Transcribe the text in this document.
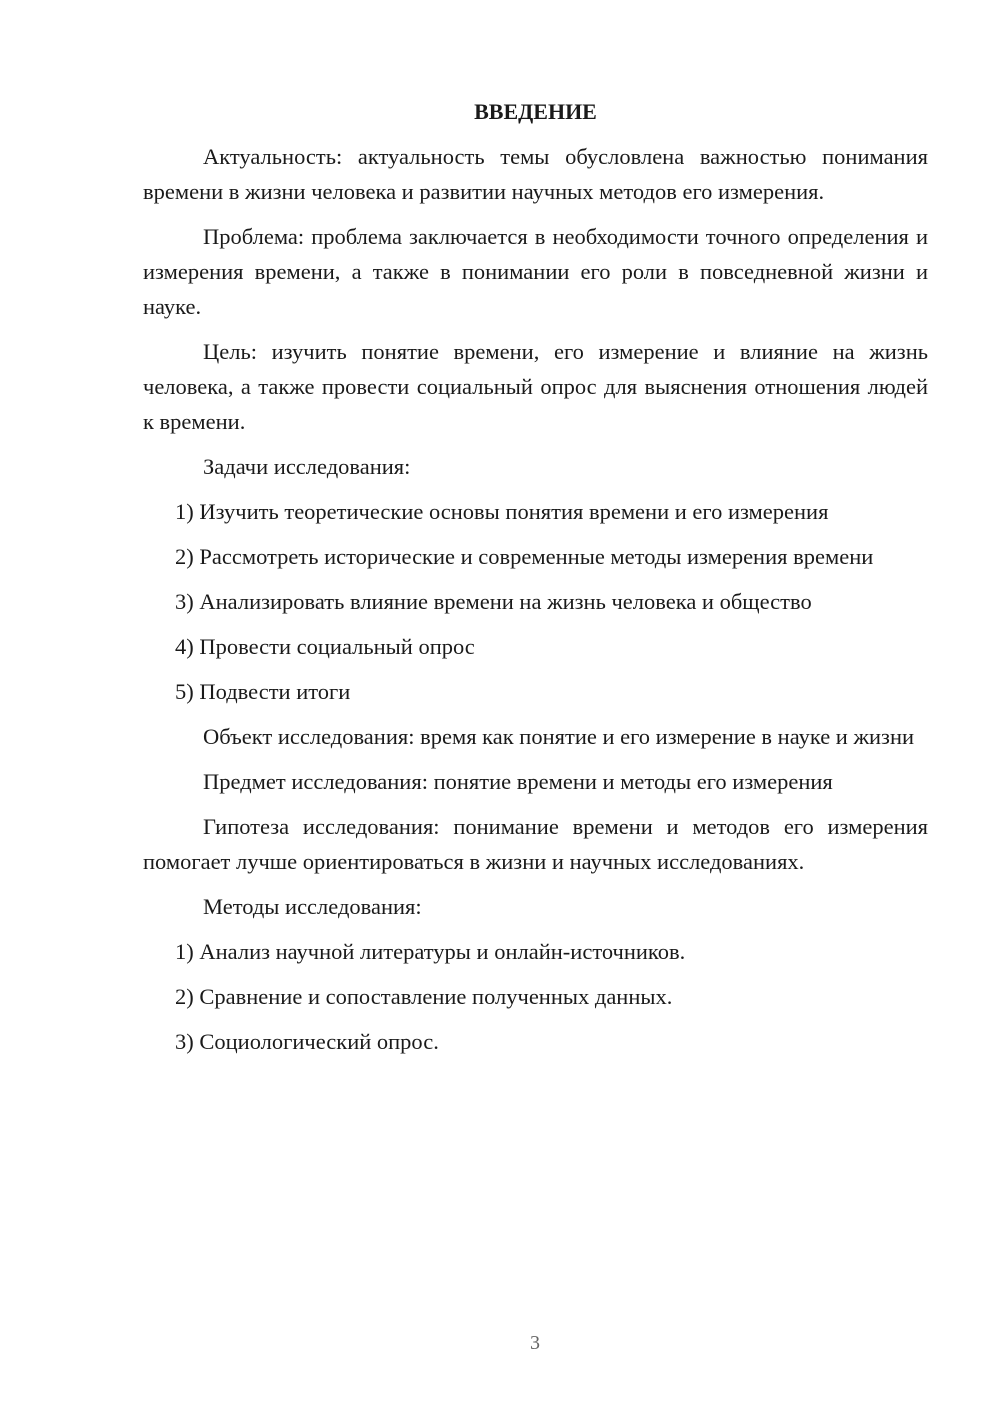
ВВЕДЕНИЕ

Актуальность: актуальность темы обусловлена важностью понимания времени в жизни человека и развитии научных методов его измерения.

Проблема: проблема заключается в необходимости точного определения и измерения времени, а также в понимании его роли в повседневной жизни и науке.

Цель: изучить понятие времени, его измерение и влияние на жизнь человека, а также провести социальный опрос для выяснения отношения людей к времени.

Задачи исследования:

1) Изучить теоретические основы понятия времени и его измерения

2) Рассмотреть исторические и современные методы измерения времени

3) Анализировать влияние времени на жизнь человека и общество

4) Провести социальный опрос

5) Подвести итоги

Объект исследования: время как понятие и его измерение в науке и жизни

Предмет исследования: понятие времени и методы его измерения

Гипотеза исследования: понимание времени и методов его измерения помогает лучше ориентироваться в жизни и научных исследованиях.

Методы исследования:

1) Анализ научной литературы и онлайн-источников.

2) Сравнение и сопоставление полученных данных.

3) Социологический опрос.

3
